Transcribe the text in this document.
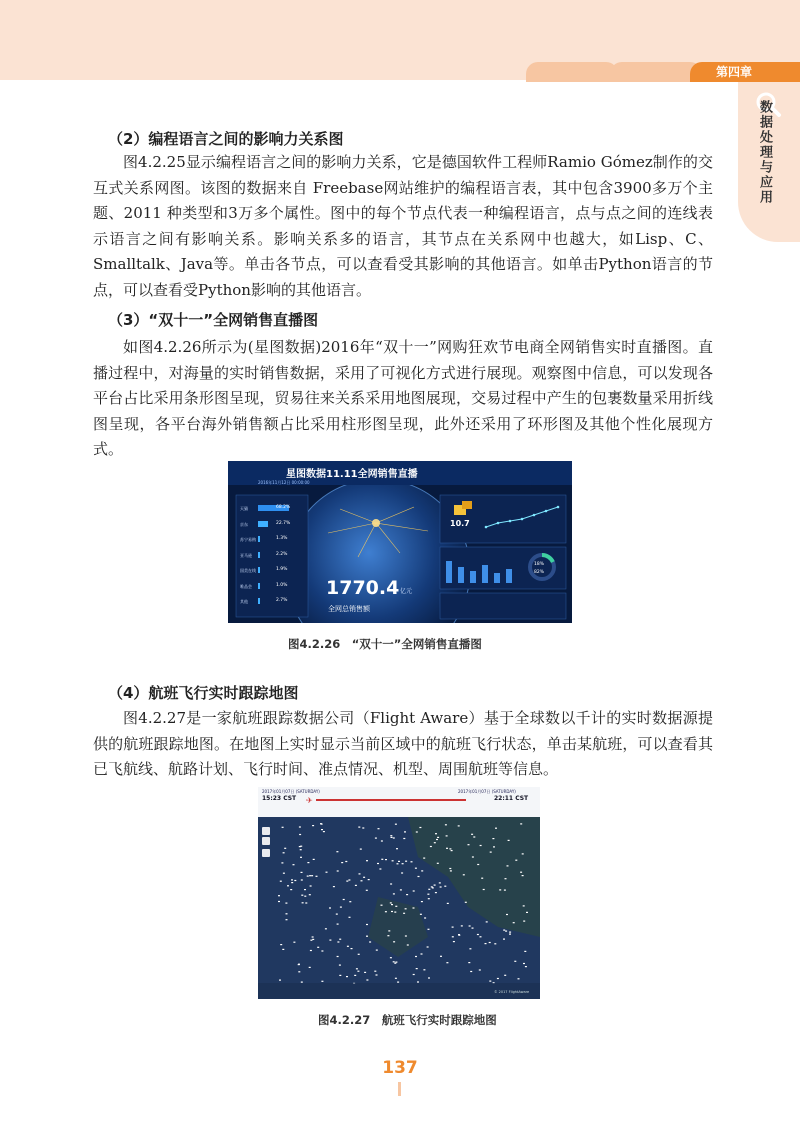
第四章
数据处理与应用
（2）编程语言之间的影响力关系图

图4.2.25显示编程语言之间的影响力关系，它是德国软件工程师Ramio Gómez制作的交互式关系网图。该图的数据来自 Freebase网站维护的编程语言表，其中包含3900多万个主题、2011 种类型和3万多个属性。图中的每个节点代表一种编程语言，点与点之间的连线表示语言之间有影响关系。影响关系多的语言，其节点在关系网中也越大，如Lisp、C、Smalltalk、Java等。单击各节点，可以查看受其影响的其他语言。如单击Python语言的节点，可以查看受Python影响的其他语言。

（3）“双十一”全网销售直播图

如图4.2.26所示为(星图数据)2016年“双十一”网购狂欢节电商全网销售实时直播图。直播过程中，对海量的实时销售数据，采用了可视化方式进行展现。观察图中信息，可以发现各平台占比采用条形图呈现，贸易往来关系采用地图展现，交易过程中产生的包裹数量采用折线图呈现，各平台海外销售额占比采用柱形图呈现，此外还采用了环形图及其他个性化展现方式。

星图数据11.11全网销售直播
2016年11月12日 00:00:00
天猫	68.2%
京东	22.7%
苏宁易购	1.3%
亚马逊	2.2%
国美在线	1.9%
唯品会	1.0%
其他	2.7%
10.7
1770.4 亿元
全网总销售额
18%
82%
图4.2.26　“双十一”全网销售直播图
（4）航班飞行实时跟踪地图

图4.2.27是一家航班跟踪数据公司（Flight Aware）基于全球数以千计的实时数据源提供的航班跟踪地图。在地图上实时显示当前区域中的航班飞行状态，单击某航班，可以查看其已飞航线、航路计划、飞行时间、准点情况、机型、周围航班等信息。

✈
2017年01月07日 (SATURDAY)
15:23 CST
2017年01月07日 (SATURDAY)
22:11 CST
© 2017 FlightAware
图4.2.27　航班飞行实时跟踪地图
137
